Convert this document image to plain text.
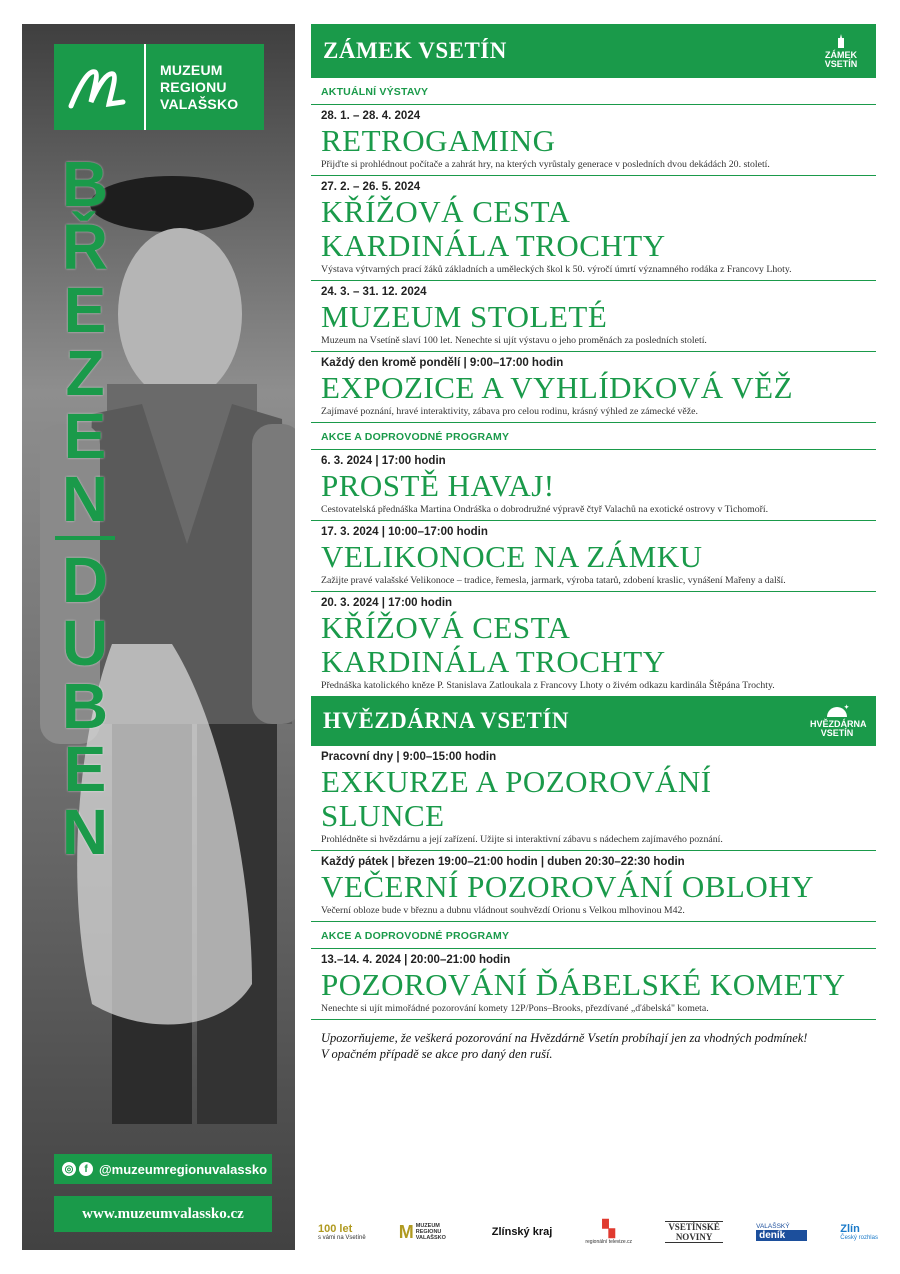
MUZEUM
REGIONU
VALAŠSKO
B
Ř
E
Z
E
N
D
U
B
E
N
◎	f @muzeumregionuvalassko
www.muzeumvalassko.cz
ZÁMEK VSETÍN	ZÁMEK VSETÍN
AKTUÁLNÍ VÝSTAVY
28. 1. – 28. 4. 2024
RETROGAMING
Přijďte si prohlédnout počítače a zahrát hry, na kterých vyrůstaly generace v posledních dvou dekádách 20. století.
27. 2. – 26. 5. 2024
KŘÍŽOVÁ CESTA KARDINÁLA TROCHTY
Výstava výtvarných prací žáků základních a uměleckých škol k 50. výročí úmrtí významného rodáka z Francovy Lhoty.
24. 3. – 31. 12. 2024
MUZEUM STOLETÉ
Muzeum na Vsetíně slaví 100 let. Nenechte si ujít výstavu o jeho proměnách za posledních století.
Každý den kromě pondělí | 9:00–17:00 hodin
EXPOZICE A VYHLÍDKOVÁ VĚŽ
Zajímavé poznání, hravé interaktivity, zábava pro celou rodinu, krásný výhled ze zámecké věže.
AKCE A DOPROVODNÉ PROGRAMY
6. 3. 2024 | 17:00 hodin
PROSTĚ HAVAJ!
Cestovatelská přednáška Martina Ondráška o dobrodružné výpravě čtyř Valachů na exotické ostrovy v Tichomoří.
17. 3. 2024 | 10:00–17:00 hodin
VELIKONOCE NA ZÁMKU
Zažijte pravé valašské Velikonoce – tradice, řemesla, jarmark, výroba tatarů, zdobení kraslic, vynášení Mařeny a další.
20. 3. 2024 | 17:00 hodin
KŘÍŽOVÁ CESTA KARDINÁLA TROCHTY
Přednáška katolického kněze P. Stanislava Zatloukala z Francovy Lhoty o živém odkazu kardinála Štěpána Trochty.
HVĚZDÁRNA VSETÍN	✦
HVĚZDÁRNA VSETÍN
Pracovní dny | 9:00–15:00 hodin
EXKURZE A POZOROVÁNÍ SLUNCE
Prohlédněte si hvězdárnu a její zařízení. Užijte si interaktivní zábavu s nádechem zajímavého poznání.
Každý pátek | březen 19:00–21:00 hodin | duben 20:30–22:30 hodin
VEČERNÍ POZOROVÁNÍ OBLOHY
Večerní obloze bude v březnu a dubnu vládnout souhvězdí Orionu s Velkou mlhovinou M42.
AKCE A DOPROVODNÉ PROGRAMY
13.–14. 4. 2024 | 20:00–21:00 hodin
POZOROVÁNÍ ĎÁBELSKÉ KOMETY
Nenechte si ujít mimořádné pozorování komety 12P/Pons–Brooks, přezdívané „ďábelská" kometa.
Upozorňujeme, že veškerá pozorování na Hvězdárně Vsetín probíhají jen za vhodných podmínek!
V opačném případě se akce pro daný den ruší.
100 let
s vámi na Vsetíně M MUZEUM REGIONU VALAŠSKO	Zlínský kraj	▚
regionální televize.cz
VSETÍNSKÉ NOVINY
VALAŠSKÝ
deník
Zlín
Český rozhlas
